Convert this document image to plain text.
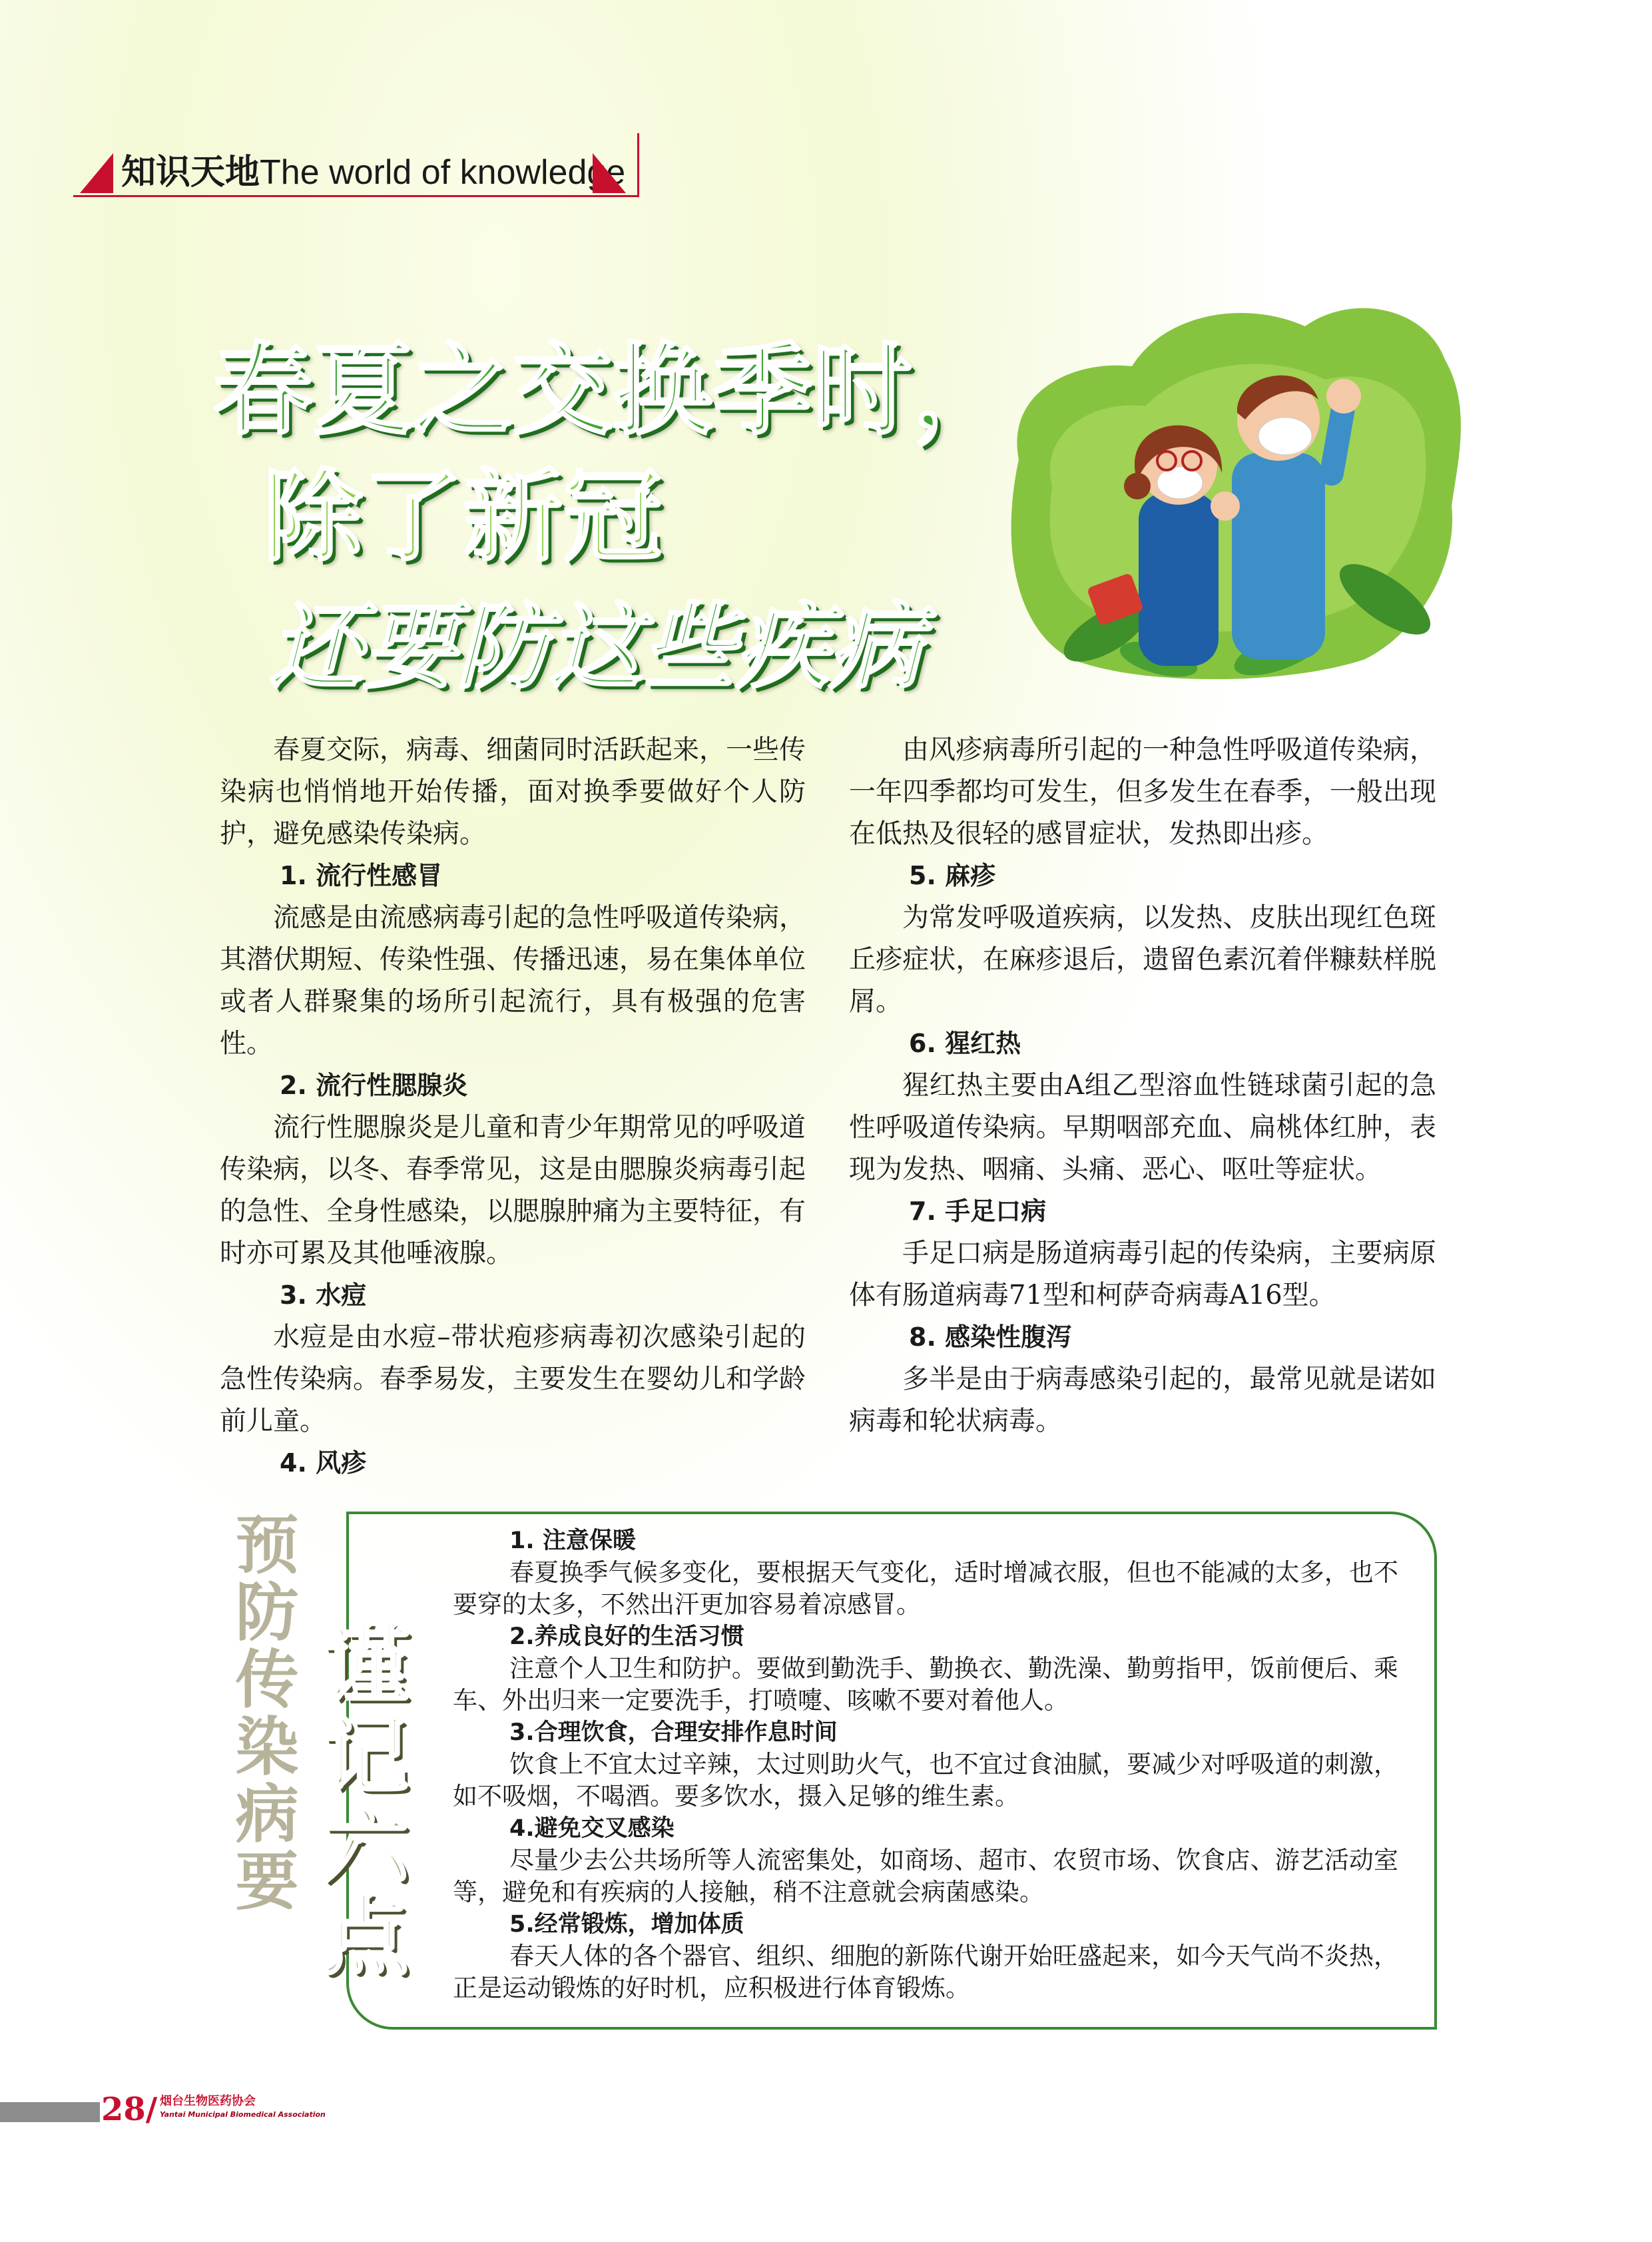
知识天地The world of knowledge
春夏之交换季时，
除了新冠
还要防这些疾病

春夏交际，病毒、细菌同时活跃起来，一些传染病也悄悄地开始传播，面对换季要做好个人防护，避免感染传染病。

1. 流行性感冒

流感是由流感病毒引起的急性呼吸道传染病，其潜伏期短、传染性强、传播迅速，易在集体单位或者人群聚集的场所引起流行，具有极强的危害性。

2. 流行性腮腺炎

流行性腮腺炎是儿童和青少年期常见的呼吸道传染病，以冬、春季常见，这是由腮腺炎病毒引起的急性、全身性感染，以腮腺肿痛为主要特征，有时亦可累及其他唾液腺。

3. 水痘

水痘是由水痘–带状疱疹病毒初次感染引起的急性传染病。春季易发，主要发生在婴幼儿和学龄前儿童。

4. 风疹

由风疹病毒所引起的一种急性呼吸道传染病，一年四季都均可发生，但多发生在春季，一般出现在低热及很轻的感冒症状，发热即出疹。

5. 麻疹

为常发呼吸道疾病，以发热、皮肤出现红色斑丘疹症状，在麻疹退后，遗留色素沉着伴糠麸样脱屑。

6. 猩红热

猩红热主要由A组乙型溶血性链球菌引起的急性呼吸道传染病。早期咽部充血、扁桃体红肿，表现为发热、咽痛、头痛、恶心、呕吐等症状。

7. 手足口病

手足口病是肠道病毒引起的传染病，主要病原体有肠道病毒71型和柯萨奇病毒A16型。

8. 感染性腹泻

多半是由于病毒感染引起的，最常见就是诺如病毒和轮状病毒。

预防传染病要 谨记六点
1. 注意保暖

春夏换季气候多变化，要根据天气变化，适时增减衣服，但也不能减的太多，也不要穿的太多，不然出汗更加容易着凉感冒。

2.养成良好的生活习惯

注意个人卫生和防护。要做到勤洗手、勤换衣、勤洗澡、勤剪指甲，饭前便后、乘车、外出归来一定要洗手，打喷嚏、咳嗽不要对着他人。

3.合理饮食，合理安排作息时间

饮食上不宜太过辛辣，太过则助火气，也不宜过食油腻，要减少对呼吸道的刺激，如不吸烟，不喝酒。要多饮水，摄入足够的维生素。

4.避免交叉感染

尽量少去公共场所等人流密集处，如商场、超市、农贸市场、饮食店、游艺活动室等，避免和有疾病的人接触，稍不注意就会病菌感染。

5.经常锻炼，增加体质

春天人体的各个器官、组织、细胞的新陈代谢开始旺盛起来，如今天气尚不炎热，正是运动锻炼的好时机，应积极进行体育锻炼。

28/ 烟台生物医药协会
Yantai Municipal Biomedical Association
